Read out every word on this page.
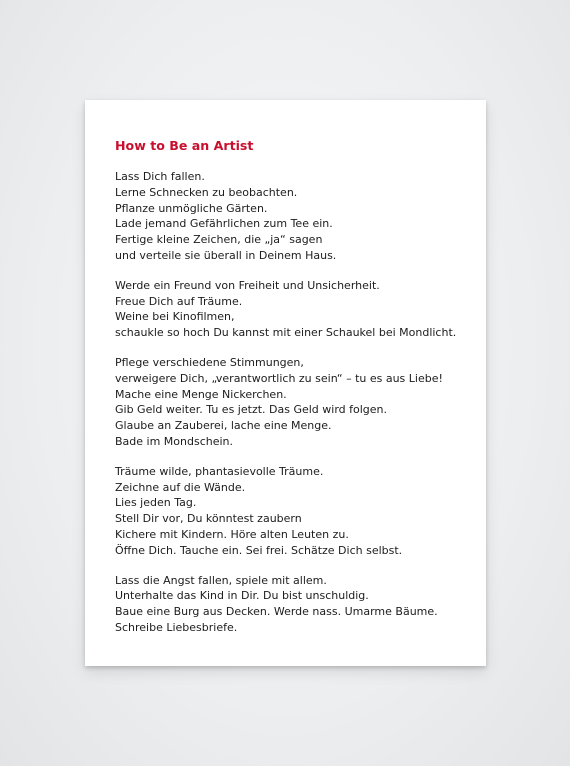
How to Be an Artist
Lass Dich fallen.
Lerne Schnecken zu beobachten.
Pflanze unmögliche Gärten.
Lade jemand Gefährlichen zum Tee ein.
Fertige kleine Zeichen, die „ja“ sagen
und verteile sie überall in Deinem Haus.
Werde ein Freund von Freiheit und Unsicherheit.
Freue Dich auf Träume.
Weine bei Kinofilmen,
schaukle so hoch Du kannst mit einer Schaukel bei Mondlicht.
Pflege verschiedene Stimmungen,
verweigere Dich, „verantwortlich zu sein“ – tu es aus Liebe!
Mache eine Menge Nickerchen.
Gib Geld weiter. Tu es jetzt. Das Geld wird folgen.
Glaube an Zauberei, lache eine Menge.
Bade im Mondschein.
Träume wilde, phantasievolle Träume.
Zeichne auf die Wände.
Lies jeden Tag.
Stell Dir vor, Du könntest zaubern
Kichere mit Kindern. Höre alten Leuten zu.
Öffne Dich. Tauche ein. Sei frei. Schätze Dich selbst.
Lass die Angst fallen, spiele mit allem.
Unterhalte das Kind in Dir. Du bist unschuldig.
Baue eine Burg aus Decken. Werde nass. Umarme Bäume.
Schreibe Liebesbriefe.
